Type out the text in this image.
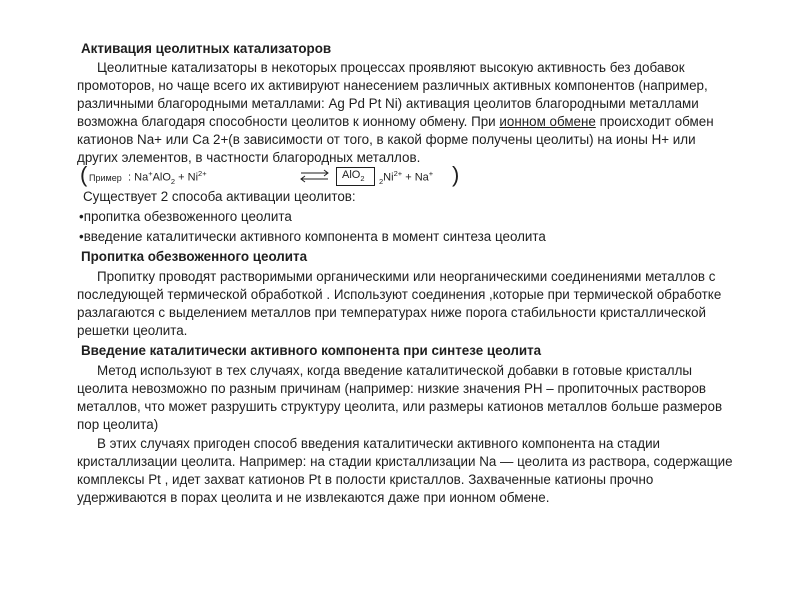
Активация цеолитных катализаторов
Цеолитные катализаторы в некоторых процессах проявляют высокую активность без добавок
промоторов, но чаще всего их активируют нанесением различных активных компонентов (например,
различными благородными металлами: Ag Pd Pt Ni) активация цеолитов благородными металлами
возможна благодаря способности цеолитов к ионному обмену. При ионном обмене происходит обмен
катионов Na+ или Ca 2+(в зависимости от того, в какой форме получены цеолиты) на ионы H+ или
других элементов, в частности благородных металлов.
( Пример : $Na^+AlO_2 + Ni^{2+}$	⇌ AlO$_2$ $_2Ni^{2+} + Na^+$ )
Существует 2 способа активации цеолитов:
•пропитка обезвоженного цеолита
•введение каталитически активного компонента в момент синтеза цеолита
Пропитка обезвоженного цеолита
Пропитку проводят растворимыми органическими или неорганическими соединениями металлов с
последующей термической обработкой . Используют соединения ,которые при термической обработке
разлагаются с выделением металлов при температурах ниже порога стабильности кристаллической
решетки цеолита.
Введение каталитически активного компонента при синтезе цеолита
Метод используют в тех случаях, когда введение каталитической добавки в готовые кристаллы
цеолита невозможно по разным причинам (например: низкие значения РН – пропиточных растворов
металлов, что может разрушить структуру цеолита, или размеры катионов металлов больше размеров
пор цеолита)
В этих случаях пригоден способ введения каталитически активного компонента на стадии
кристаллизации цеолита. Например: на стадии кристаллизации Na — цеолита из раствора, содержащие
комплексы Pt , идет захват катионов Pt в полости кристаллов. Захваченные катионы прочно
удерживаются в порах цеолита и не извлекаются даже при ионном обмене.
